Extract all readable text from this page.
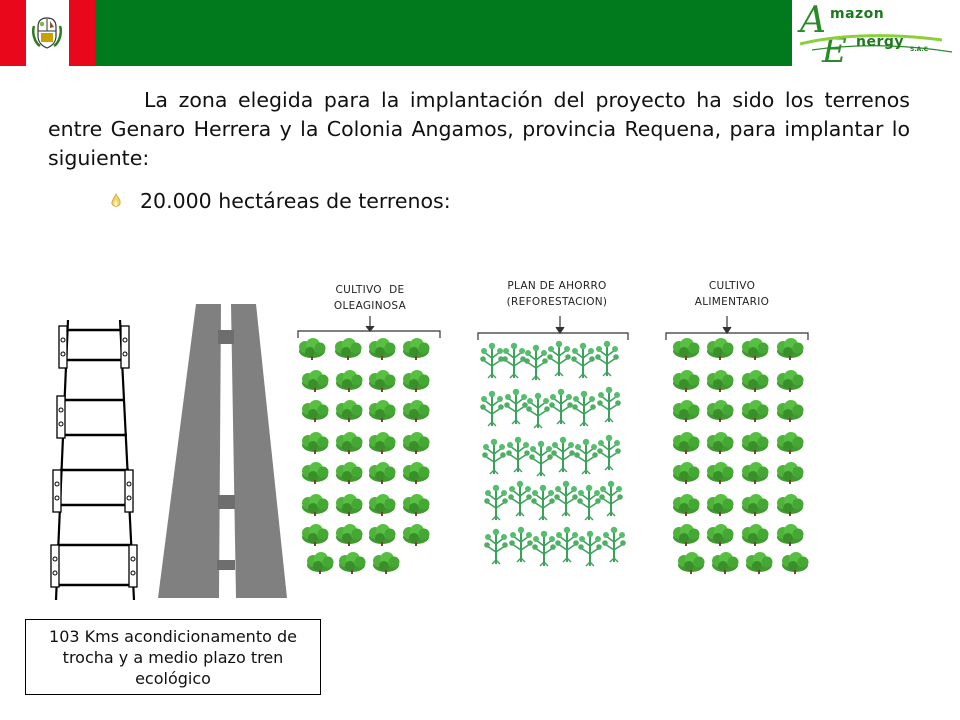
A
E
mazon
nergy S.A.C
La zona elegida para la implantación del proyecto ha sido los terrenos entre Genaro Herrera y la Colonia Angamos, provincia Requena, para implantar lo siguiente:
20.000 hectáreas de terrenos:
CULTIVO  DE
OLEAGINOSA
PLAN DE AHORRO
(REFORESTACION)
CULTIVO
ALIMENTARIO
103 Kms acondicionamento de trocha y a medio plazo tren ecológico
